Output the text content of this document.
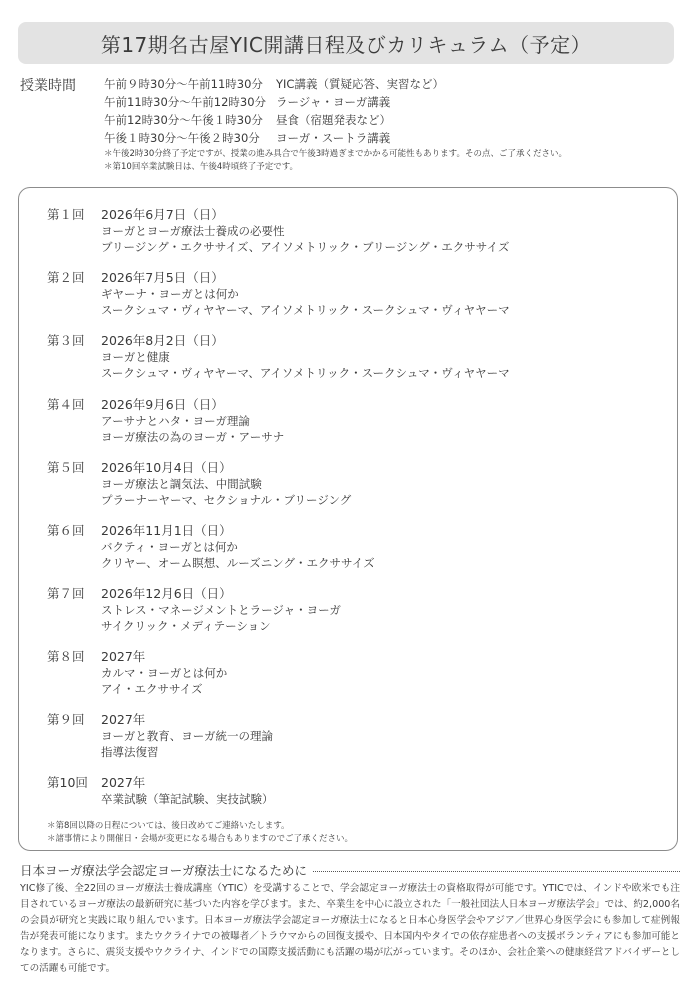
第17期名古屋YIC開講日程及びカリキュラム（予定）
授業時間 午前９時30分〜午前11時30分	YIC講義（質疑応答、実習など）
午前11時30分〜午前12時30分 ラージャ・ヨーガ講義
午前12時30分〜午後１時30分	昼食（宿題発表など）
午後１時30分〜午後２時30分	ヨーガ・スートラ講義
＊午後2時30分終了予定ですが、授業の進み具合で午後3時過ぎまでかかる可能性もあります。その点、ご了承ください。
＊第10回卒業試験日は、午後4時頃終了予定です。
第１回	2026年6月7日（日）
ヨーガとヨーガ療法士養成の必要性
ブリージング・エクササイズ、アイソメトリック・ブリージング・エクササイズ
第２回	2026年7月5日（日）
ギヤーナ・ヨーガとは何か
スークシュマ・ヴィヤヤーマ、アイソメトリック・スークシュマ・ヴィヤヤーマ
第３回	2026年8月2日（日）
ヨーガと健康
スークシュマ・ヴィヤヤーマ、アイソメトリック・スークシュマ・ヴィヤヤーマ
第４回	2026年9月6日（日）
アーサナとハタ・ヨーガ理論
ヨーガ療法の為のヨーガ・アーサナ
第５回	2026年10月4日（日）
ヨーガ療法と調気法、中間試験
プラーナーヤーマ、セクショナル・ブリージング
第６回	2026年11月1日（日）
バクティ・ヨーガとは何か
クリヤー、オーム瞑想、ルーズニング・エクササイズ
第７回	2026年12月6日（日）
ストレス・マネージメントとラージャ・ヨーガ
サイクリック・メディテーション
第８回	2027年
カルマ・ヨーガとは何か
アイ・エクササイズ
第９回	2027年
ヨーガと教育、ヨーガ統一の理論
指導法復習
第10回	2027年
卒業試験（筆記試験、実技試験）
＊第8回以降の日程については、後日改めてご連絡いたします。
＊諸事情により開催日・会場が変更になる場合もありますのでご了承ください。
日本ヨーガ療法学会認定ヨーガ療法士になるために
YIC修了後、全22回のヨーガ療法士養成講座（YTIC）を受講することで、学会認定ヨーガ療法士の資格取得が可能です。YTICでは、インドや欧米でも注目されているヨーガ療法の最新研究に基づいた内容を学びます。また、卒業生を中心に設立された「一般社団法人日本ヨーガ療法学会」では、約2,000名の会員が研究と実践に取り組んでいます。日本ヨーガ療法学会認定ヨーガ療法士になると日本心身医学会やアジア／世界心身医学会にも参加して症例報告が発表可能になります。またウクライナでの被曝者／トラウマからの回復支援や、日本国内やタイでの依存症患者への支援ボランティアにも参加可能となります。さらに、震災支援やウクライナ、インドでの国際支援活動にも活躍の場が広がっています。そのほか、会社企業への健康経営アドバイザーとしての活躍も可能です。
